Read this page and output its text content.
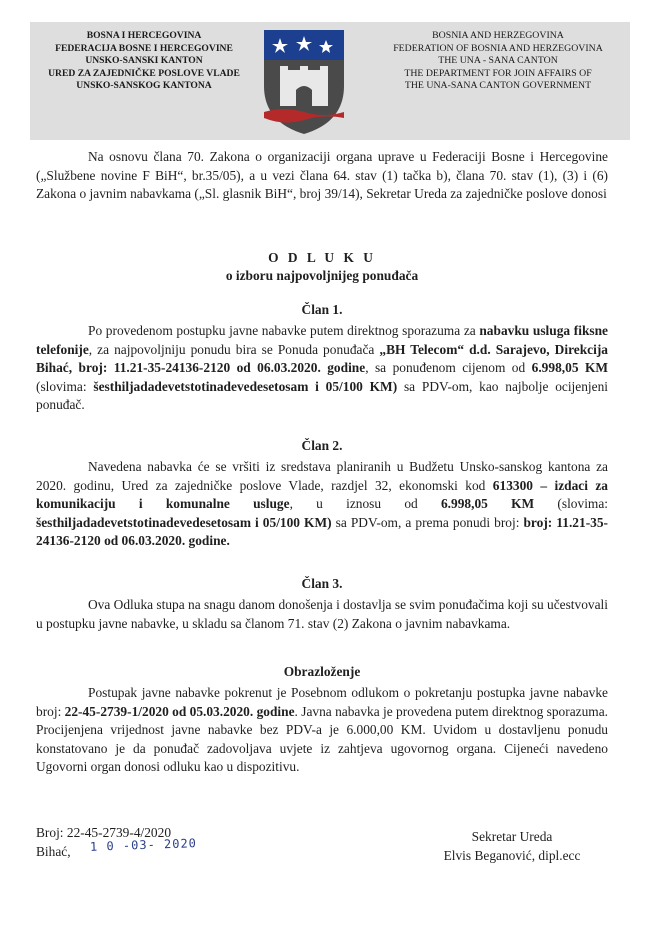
BOSNA I HERCEGOVINA
FEDERACIJA BOSNE I HERCEGOVINE
UNSKO-SANSKI KANTON
URED ZA ZAJEDNIČKE POSLOVE VLADE
UNSKO-SANSKOG KANTONA
BOSNIA AND HERZEGOVINA
FEDERATION OF BOSNIA AND HERZEGOVINA
THE UNA - SANA CANTON
THE DEPARTMENT FOR JOIN AFFAIRS OF
THE UNA-SANA CANTON GOVERNMENT

Na osnovu člana 70. Zakona o organizaciji organa uprave u Federaciji Bosne i Hercegovine („Službene novine F BiH“, br.35/05), a u vezi člana 64. stav (1) tačka b), člana 70. stav (1), (3) i (6) Zakona o javnim nabavkama („Sl. glasnik BiH“, broj 39/14), Sekretar Ureda za zajedničke poslove donosi

O D L U K U
o izboru najpovoljnijeg ponuđača
Član 1.

Po provedenom postupku javne nabavke putem direktnog sporazuma za nabavku usluga fiksne telefonije, za najpovoljniju ponudu bira se Ponuda ponuđača „BH Telecom“ d.d. Sarajevo, Direkcija Bihać, broj: 11.21-35-24136-2120 od 06.03.2020. godine, sa ponuđenom cijenom od 6.998,05 KM (slovima: šesthiljadadevetstotinadevedesetosam i 05/100 KM) sa PDV-om, kao najbolje ocijenjeni ponuđač.

Član 2.

Navedena nabavka će se vršiti iz sredstava planiranih u Budžetu Unsko-sanskog kantona za 2020. godinu, Ured za zajedničke poslove Vlade, razdjel 32, ekonomski kod 613300 – izdaci za komunikaciju i komunalne usluge, u iznosu od 6.998,05 KM (slovima: šesthiljadadevetstotinadevedesetosam i 05/100 KM) sa PDV-om, a prema ponudi broj: broj: 11.21-35-24136-2120 od 06.03.2020. godine.

Član 3.

Ova Odluka stupa na snagu danom donošenja i dostavlja se svim ponuđačima koji su učestvovali u postupku javne nabavke, u skladu sa članom 71. stav (2) Zakona o javnim nabavkama.

Obrazloženje

Postupak javne nabavke pokrenut je Posebnom odlukom o pokretanju postupka javne nabavke broj: 22-45-2739-1/2020 od 05.03.2020. godine. Javna nabavka je provedena putem direktnog sporazuma. Procijenjena vrijednost javne nabavke bez PDV-a je 6.000,00 KM. Uvidom u dostavljenu ponudu konstatovano je da ponuđač zadovoljava uvjete iz zahtjeva ugovornog organa. Cijeneći navedeno Ugovorni organ donosi odluku kao u dispozitivu.

Broj: 22-45-2739-4/2020
Bihać,	1 0 -03- 2020	Sekretar Ureda
Elvis Beganović, dipl.ecc
